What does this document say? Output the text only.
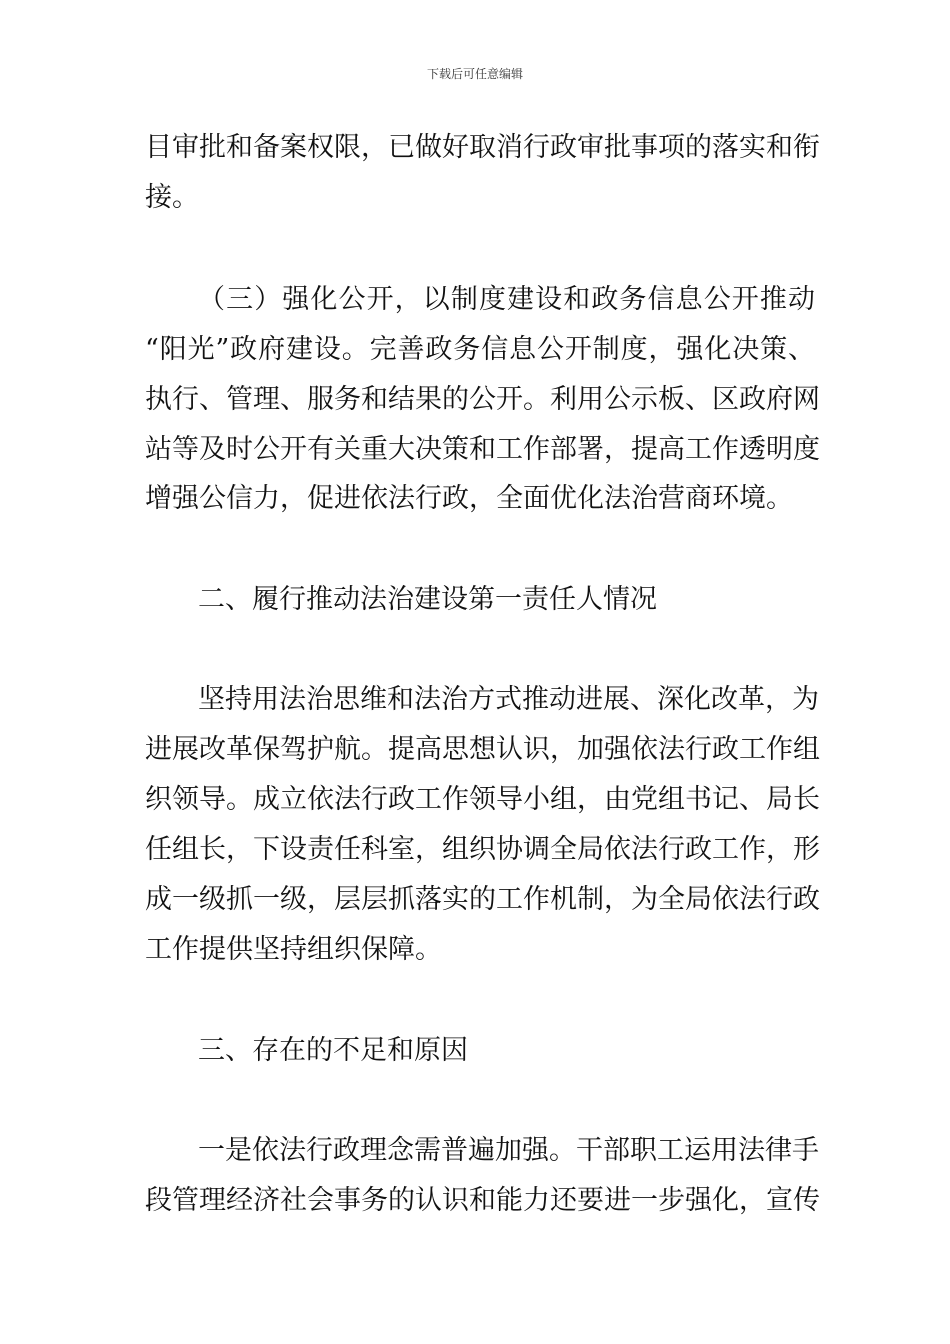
下载后可任意编辑
目审批和备案权限，已做好取消行政审批事项的落实和衔
接。
（三）强化公开，以制度建设和政务信息公开推动
“阳光”政府建设。完善政务信息公开制度，强化决策、
执行、管理、服务和结果的公开。利用公示板、区政府网
站等及时公开有关重大决策和工作部署，提高工作透明度
增强公信力，促进依法行政，全面优化法治营商环境。
二、履行推动法治建设第一责任人情况
坚持用法治思维和法治方式推动进展、深化改革，为
进展改革保驾护航。提高思想认识，加强依法行政工作组
织领导。成立依法行政工作领导小组，由党组书记、局长
任组长，下设责任科室，组织协调全局依法行政工作，形
成一级抓一级，层层抓落实的工作机制，为全局依法行政
工作提供坚持组织保障。
三、存在的不足和原因
一是依法行政理念需普遍加强。干部职工运用法律手
段管理经济社会事务的认识和能力还要进一步强化，宣传
